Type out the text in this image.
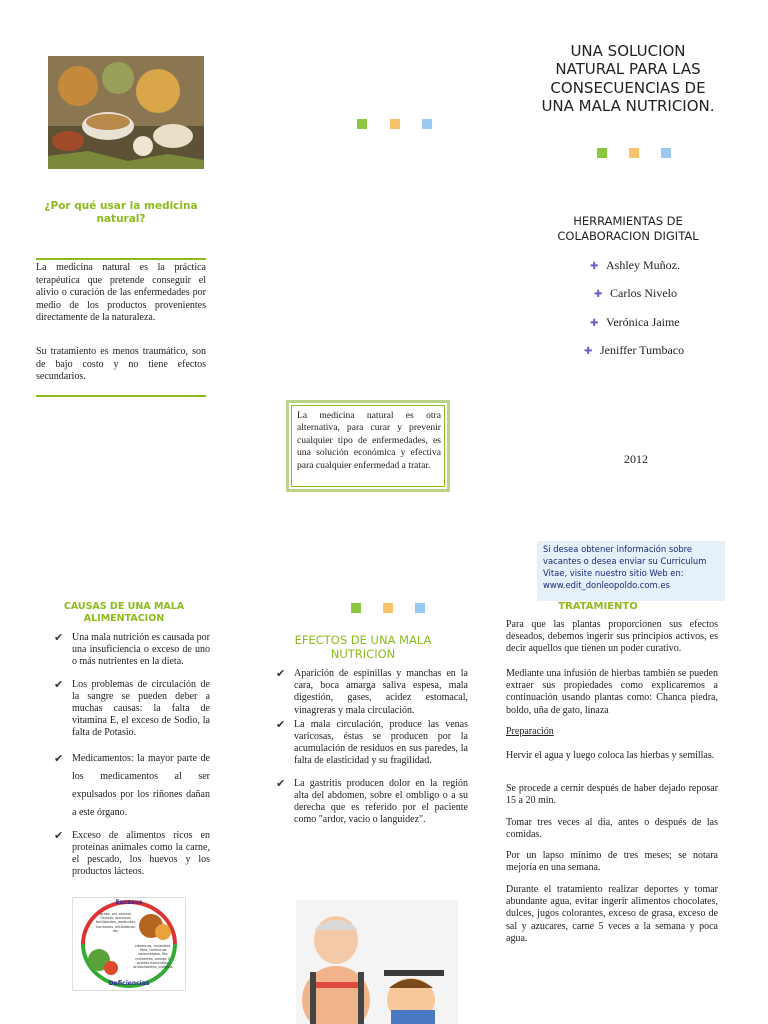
¿Por qué usar la medicina natural?
La medicina natural es la práctica terapéutica que pretende conseguir el alivio o curación de las enfermedades por medio de los productos provenientes directamente de la naturaleza.
Su tratamiento es menos traumático, son de bajo costo y no tiene efectos secundarios.
CAUSAS DE UNA MALA ALIMENTACION
✔ Una mala nutrición es causada por una insuficiencia o exceso de uno o más nutrientes en la dieta.
✔ Los problemas de circulación de la sangre se pueden deber a muchas causas: la falta de vitamina E, el exceso de Sodio, la falta de Potasio.
✔ Medicamentos: la mayor parte de los medicamentos al ser expulsados por los riñones dañan a este órgano.
✔ Exceso de alimentos ricos en proteínas animales como la carne, el pescado, los huevos y los productos lácteos.
Excesos
grasa, sal, alcohol, harinas, químicos, fertilizantes, pesticidas, hormonas, antibióticos, etc.
vitaminas, minerales, fibra, hormonas balanceadas, fito nutrientes, omega 3, aceites esenciales, antioxidantes, proteína
Deficiencias
La medicina natural es otra alternativa, para curar y prevenir cualquier tipo de enfermedades, es una solución económica y efectiva para cualquier enfermedad a tratar.
EFECTOS DE UNA MALA NUTRICION
✔ Aparición de espinillas y manchas en la cara, boca amarga saliva espesa, mala digestión, gases, acidez estomacal, vinagreras y mala circulación.
✔ La mala circulación, produce las venas varicosas, éstas se producen por la acumulación de residuos en sus paredes, la falta de elasticidad y su fragilidad.
✔ La gastritis producen dolor en la región alta del abdomen, sobre el ombligo o a su derecha que es referido por el paciente como "ardor, vacio o languidez".
UNA SOLUCION NATURAL PARA LAS CONSECUENCIAS DE UNA MALA NUTRICION.
HERRAMIENTAS DE COLABORACION DIGITAL
✚ Ashley Muñoz.
✚ Carlos Nivelo
✚ Verónica Jaime
✚ Jeniffer Tumbaco
2012
Si desea obtener información sobre vacantes o desea enviar su Curriculum Vitae, visite nuestro sitio Web en: www.edit_donleopoldo.com.es
TRATAMIENTO
Para que las plantas proporcionen sus efectos deseados, debemos ingerir sus principios activos, es decir aquellos que tienen un poder curativo.
Mediante una infusión de hierbas también se pueden extraer sus propiedades como explicaremos a continuación usando plantas como: Chanca piedra, boldo, uña de gato, linaza
Preparación
Hervir el agua y luego coloca las hierbas y semillas.
Se procede a cernir después de haber dejado reposar 15 a 20 min.
Tomar tres veces al día, antes o después de las comidas.
Por un lapso mínimo de tres meses; se notara mejoría en una semana.
Durante el tratamiento realizar deportes y tomar abundante agua, evitar ingerir alimentos chocolates, dulces, jugos colorantes, exceso de grasa, exceso de sal y azucares, carne 5 veces a la semana y poca agua.
